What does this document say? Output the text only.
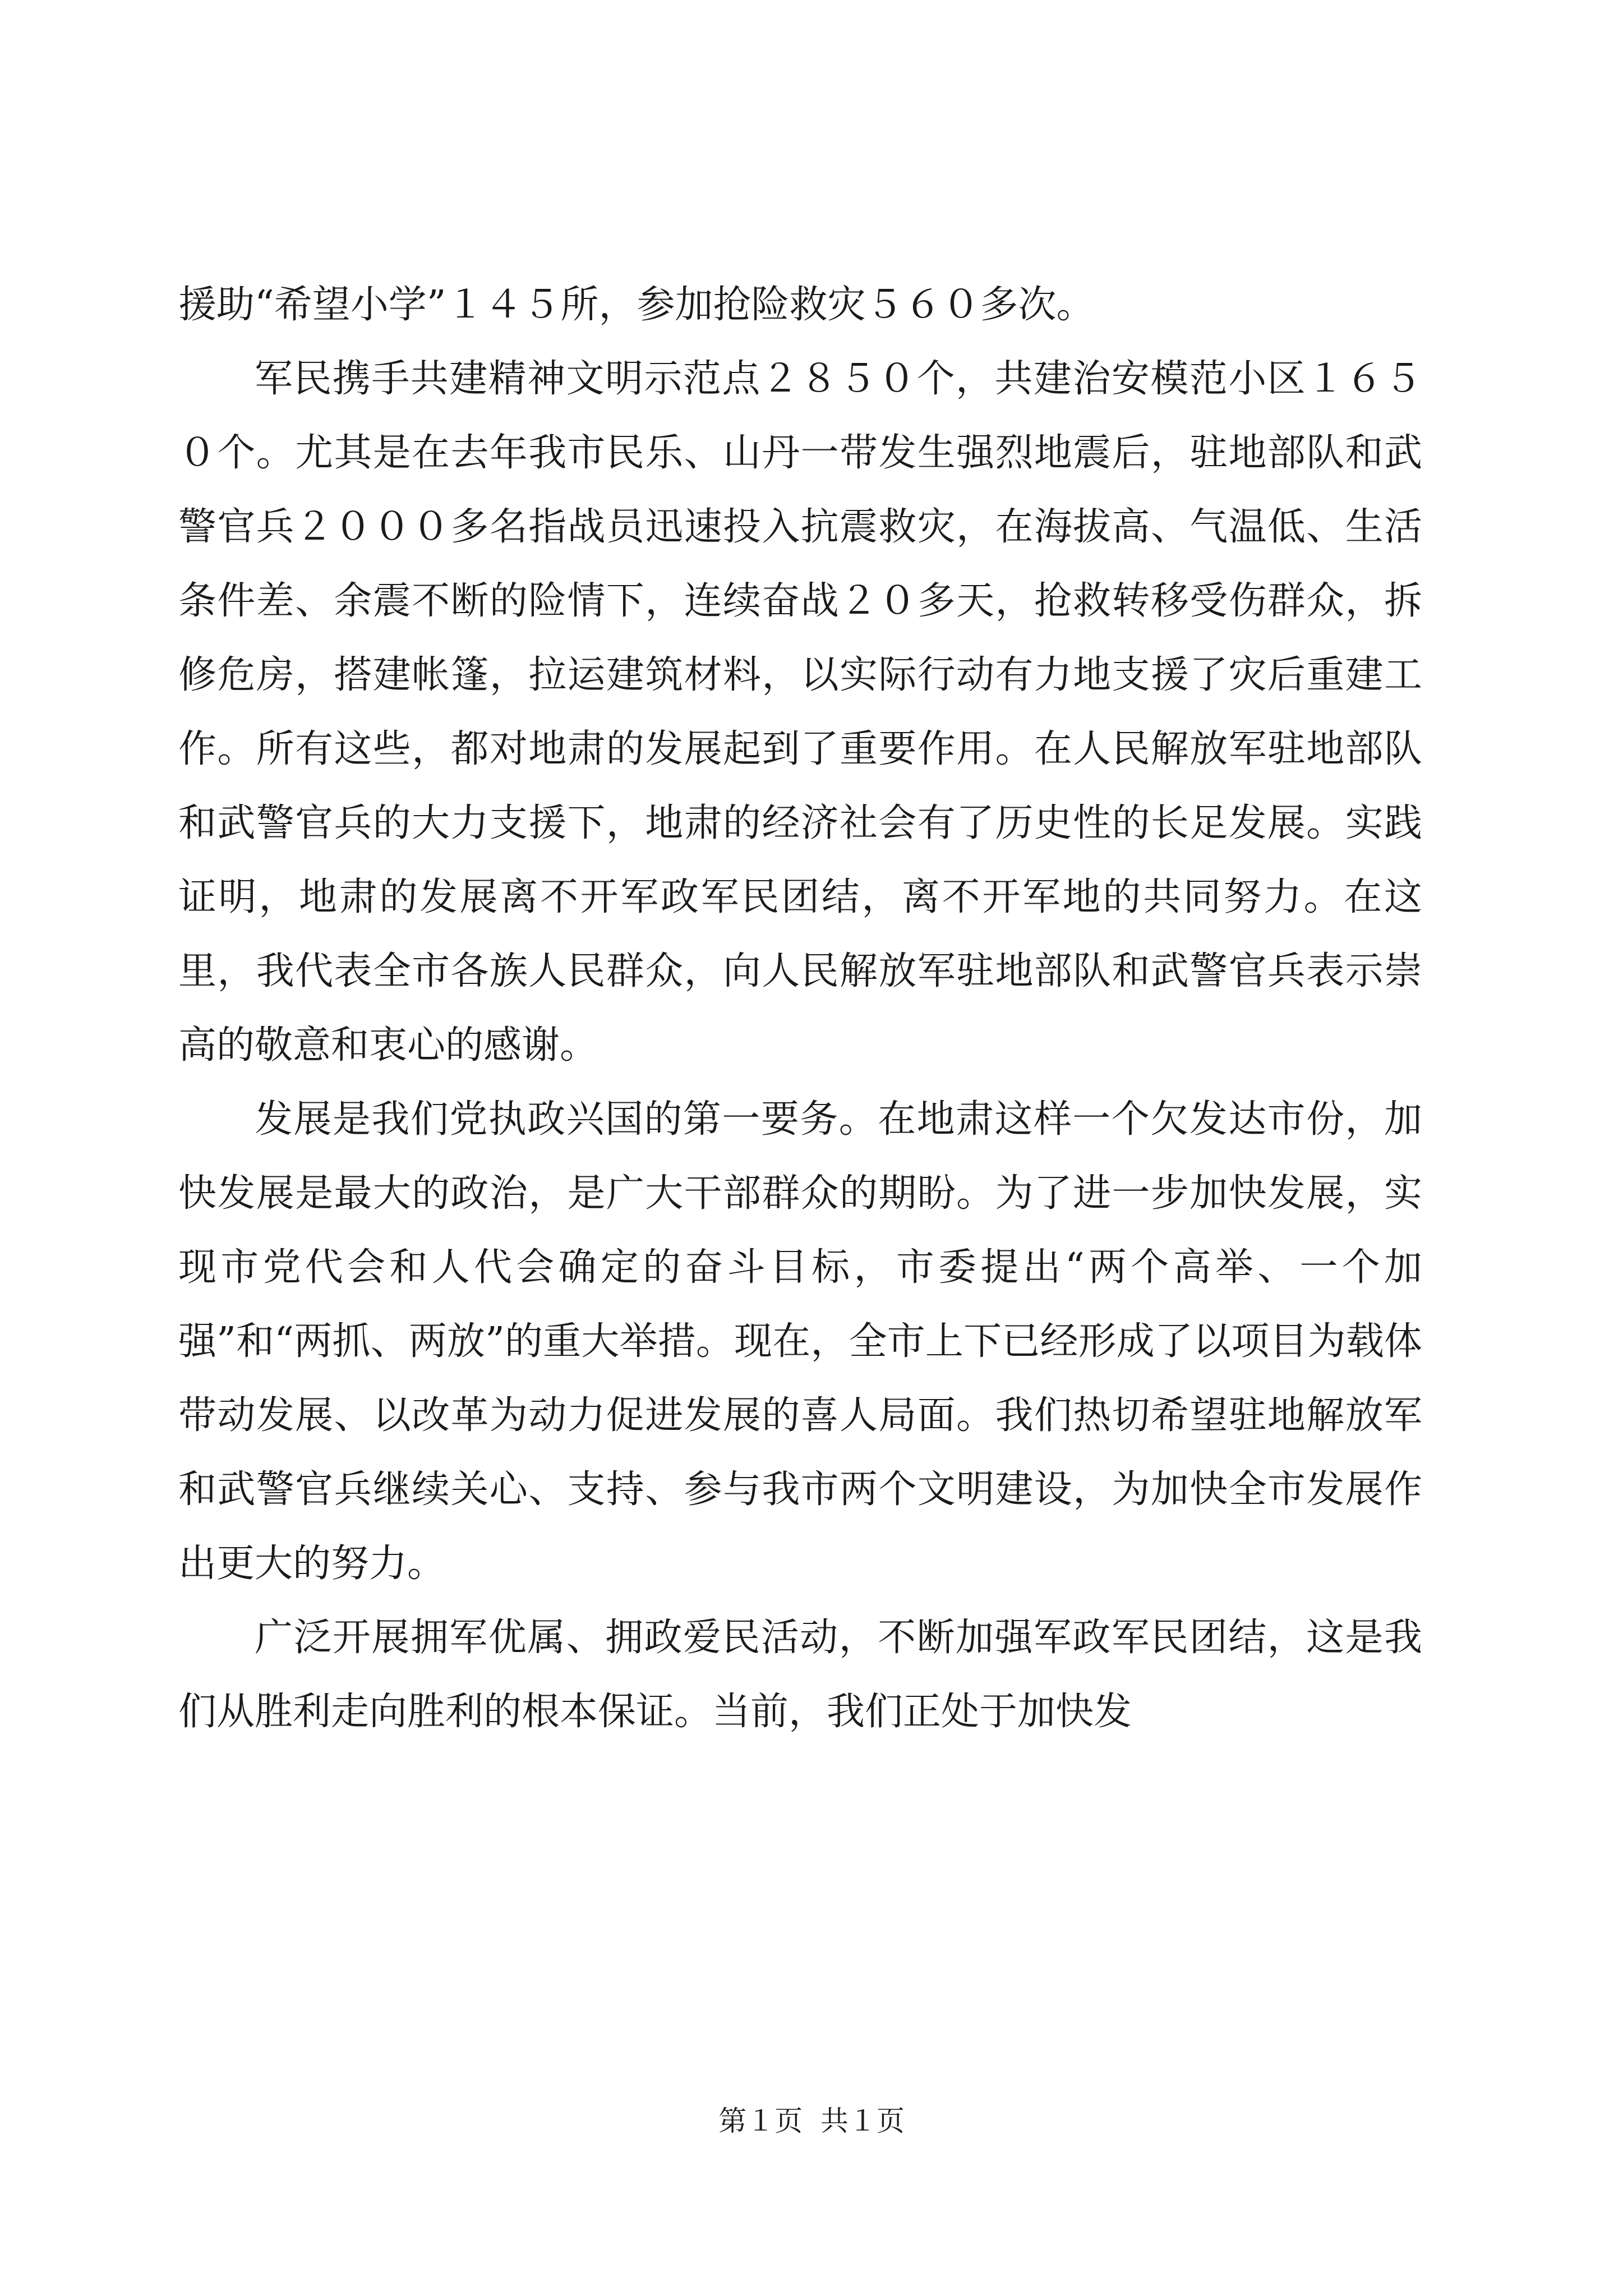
援助“希望小学”１４５所，参加抢险救灾５６０多次。

军民携手共建精神文明示范点２８５０个，共建治安模范小区１６５０个。尤其是在去年我市民乐、山丹一带发生强烈地震后，驻地部队和武警官兵２０００多名指战员迅速投入抗震救灾，在海拔高、气温低、生活条件差、余震不断的险情下，连续奋战２０多天，抢救转移受伤群众，拆修危房，搭建帐篷，拉运建筑材料，以实际行动有力地支援了灾后重建工作。所有这些，都对地肃的发展起到了重要作用。在人民解放军驻地部队和武警官兵的大力支援下，地肃的经济社会有了历史性的长足发展。实践证明，地肃的发展离不开军政军民团结，离不开军地的共同努力。在这里，我代表全市各族人民群众，向人民解放军驻地部队和武警官兵表示崇高的敬意和衷心的感谢。

发展是我们党执政兴国的第一要务。在地肃这样一个欠发达市份，加快发展是最大的政治，是广大干部群众的期盼。为了进一步加快发展，实现市党代会和人代会确定的奋斗目标，市委提出“两个高举、一个加强”和“两抓、两放”的重大举措。现在，全市上下已经形成了以项目为载体带动发展、以改革为动力促进发展的喜人局面。我们热切希望驻地解放军和武警官兵继续关心、支持、参与我市两个文明建设，为加快全市发展作出更大的努力。

广泛开展拥军优属、拥政爱民活动，不断加强军政军民团结，这是我们从胜利走向胜利的根本保证。当前，我们正处于加快发

第１页  共１页
